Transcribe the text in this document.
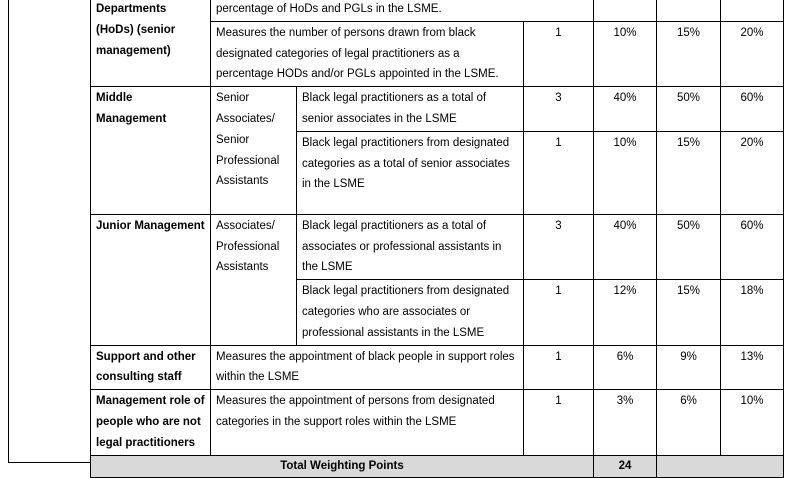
Departments (HoDs) (senior management)	percentage of HoDs and PGLs in the LSME.					
	Measures the number of persons drawn from black designated categories of legal practitioners as a percentage HODs and/or PGLs appointed in the LSME.		1	10%	15%	20%
Middle Management	Senior Associates/ Senior Professional Assistants	Black legal practitioners as a total of senior associates in the LSME	3	40%	50%	60%
		Black legal practitioners from designated categories as a total of senior associates in the LSME	1	10%	15%	20%
Junior Management	Associates/ Professional Assistants	Black legal practitioners as a total of associates or professional assistants in the LSME	3	40%	50%	60%
		Black legal practitioners from designated categories who are associates or professional assistants in the LSME	1	12%	15%	18%
Support and other consulting staff	Measures the appointment of black people in support roles within the LSME		1	6%	9%	13%
Management role of people who are not legal practitioners	Measures the appointment of persons from designated categories in the support roles within the LSME		1	3%	6%	10%
Total Weighting Points				24		
